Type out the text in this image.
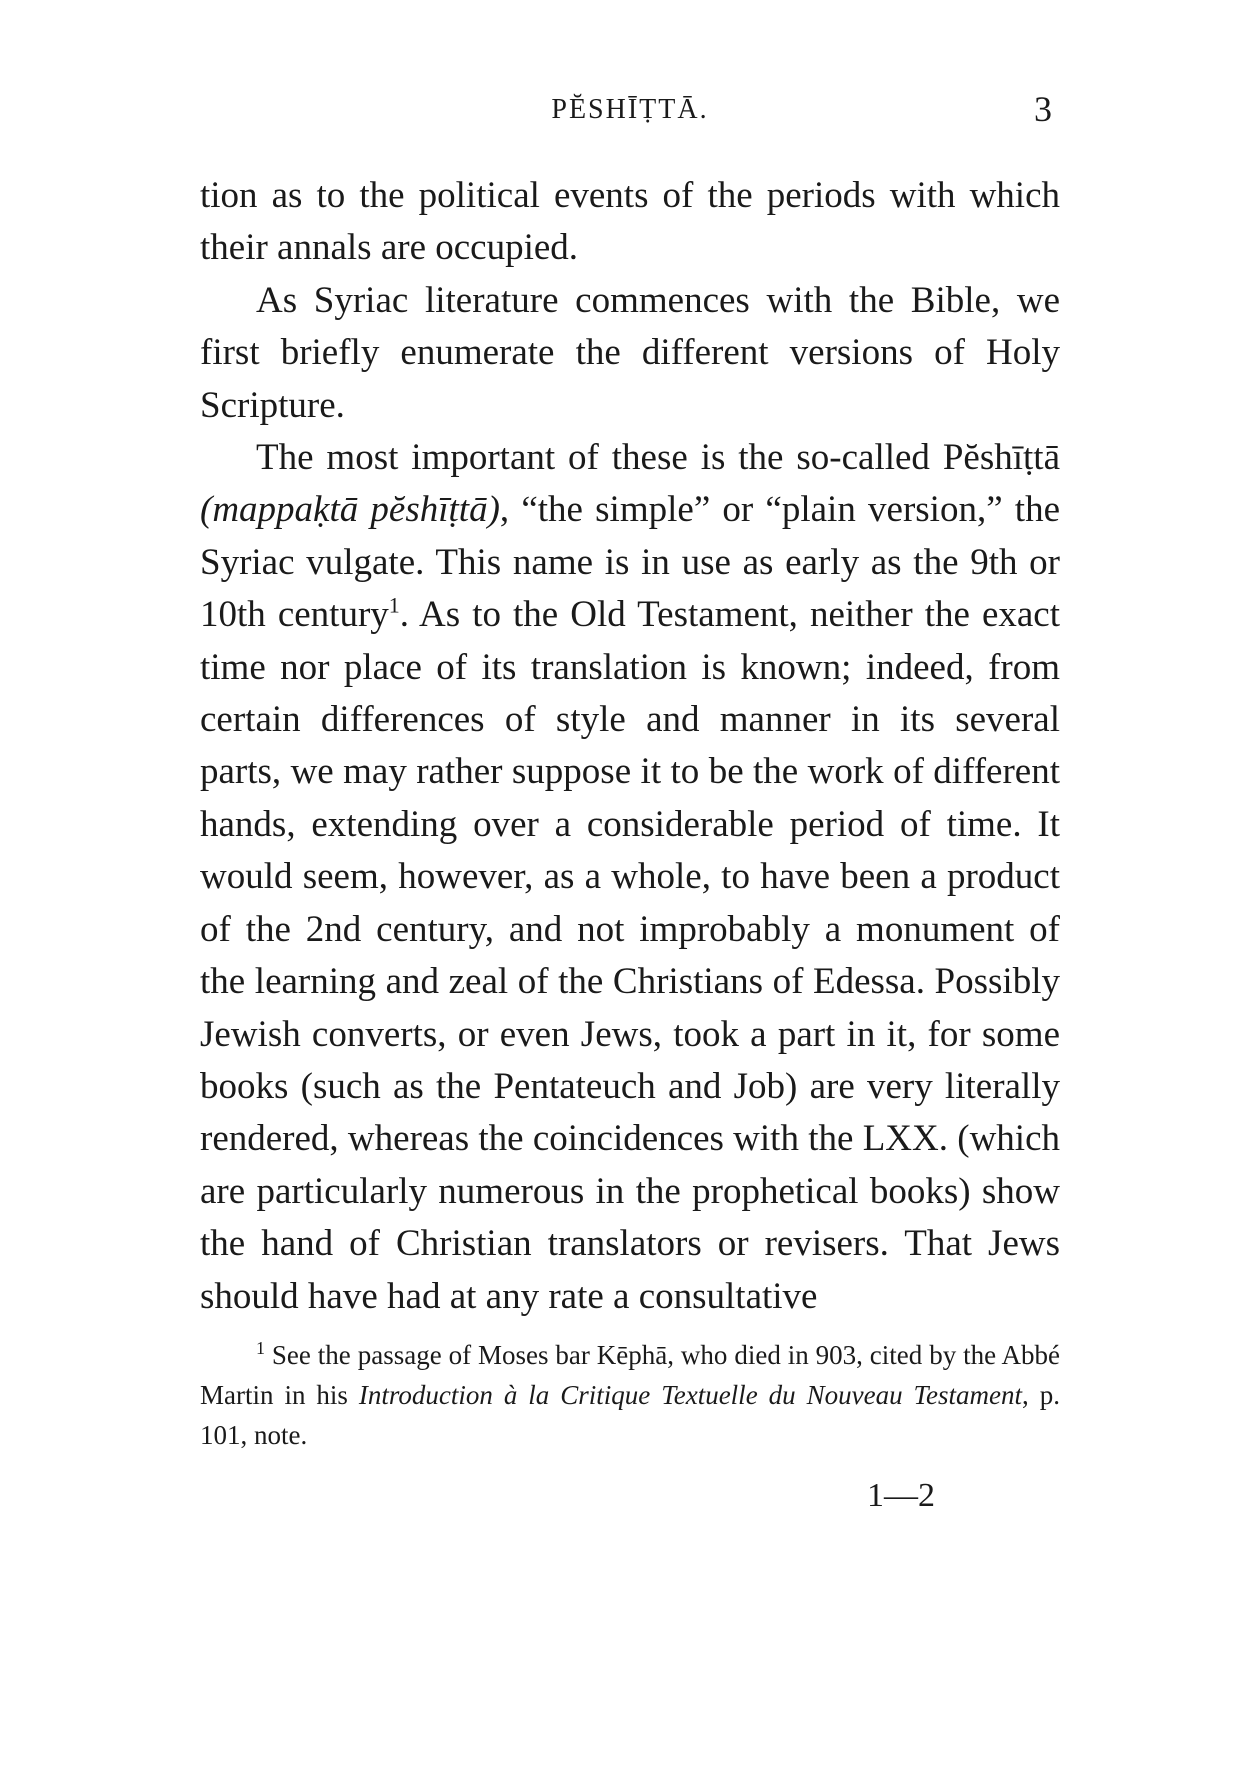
PĔSHĪṬTĀ.	3

tion as to the political events of the periods with which their annals are occupied.

As Syriac literature commences with the Bible, we first briefly enumerate the different versions of Holy Scripture.

The most important of these is the so-called Pĕshīṭtā (mappaḳtā pĕshīṭtā), “the simple” or “plain version,” the Syriac vulgate. This name is in use as early as the 9th or 10th century$^1$. As to the Old Testament, neither the exact time nor place of its translation is known; indeed, from certain differences of style and manner in its several parts, we may rather suppose it to be the work of different hands, extending over a considerable period of time. It would seem, however, as a whole, to have been a product of the 2nd century, and not improbably a monument of the learning and zeal of the Christians of Edessa. Possibly Jewish converts, or even Jews, took a part in it, for some books (such as the Pentateuch and Job) are very literally rendered, whereas the coincidences with the LXX. (which are particularly numerous in the prophetical books) show the hand of Christian translators or revisers. That Jews should have had at any rate a consultative

$^1$ See the passage of Moses bar Kēphā, who died in 903, cited by the Abbé Martin in his Introduction à la Critique Textuelle du Nouveau Testament, p. 101, note.
1—2
